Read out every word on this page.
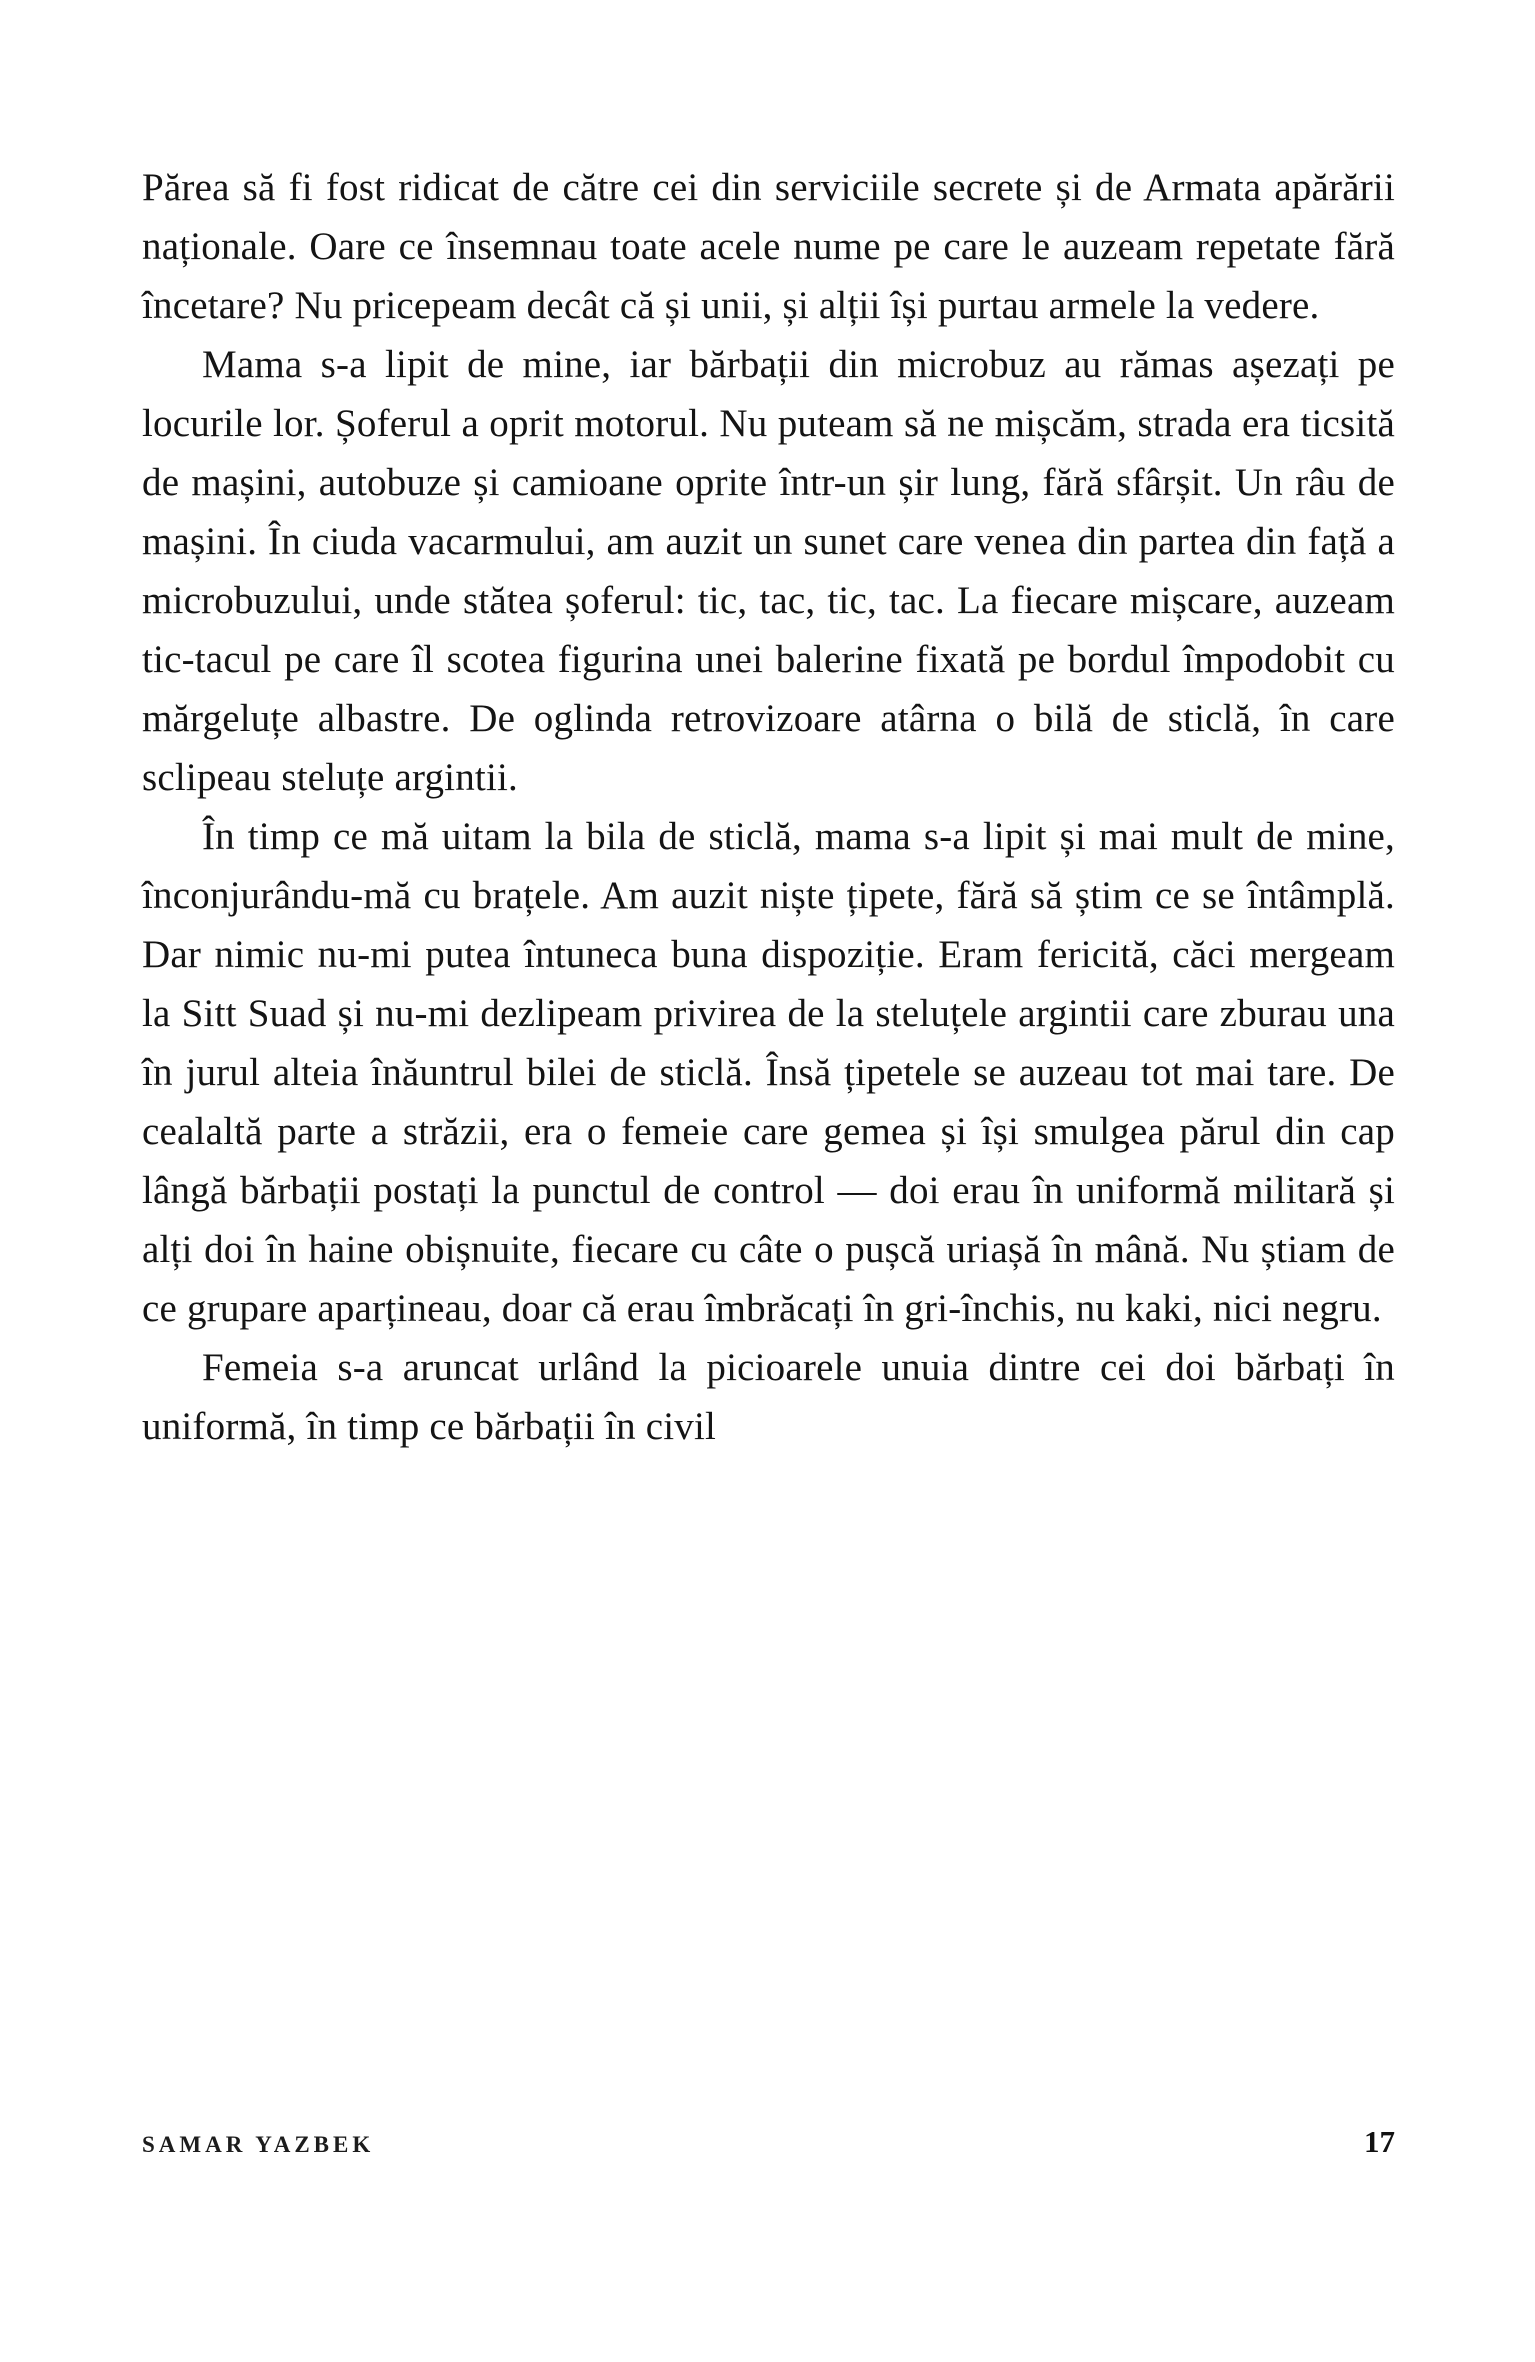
Părea să fi fost ridicat de către cei din serviciile secrete și de Armata apărării naționale. Oare ce însemnau toate acele nume pe care le auzeam repetate fără încetare? Nu pricepeam decât că și unii, și alții își purtau armele la vedere.

Mama s-a lipit de mine, iar bărbații din microbuz au rămas așezați pe locurile lor. Șoferul a oprit motorul. Nu puteam să ne mișcăm, strada era ticsită de mașini, autobuze și camioane oprite într-un șir lung, fără sfârșit. Un râu de mașini. În ciuda vacarmului, am auzit un sunet care venea din partea din față a microbuzului, unde stătea șoferul: tic, tac, tic, tac. La fiecare mișcare, auzeam tic-tacul pe care îl scotea figurina unei balerine fixată pe bordul împodobit cu mărgeluțe albastre. De oglinda retrovizoare atârna o bilă de sticlă, în care sclipeau steluțe argintii.

În timp ce mă uitam la bila de sticlă, mama s-a lipit și mai mult de mine, înconjurându-mă cu brațele. Am auzit niște țipete, fără să știm ce se întâmplă. Dar nimic nu-mi putea întuneca buna dispoziție. Eram fericită, căci mergeam la Sitt Suad și nu-mi dezlipeam privirea de la steluțele argintii care zburau una în jurul alteia înăuntrul bilei de sticlă. Însă țipetele se auzeau tot mai tare. De cealaltă parte a străzii, era o femeie care gemea și își smulgea părul din cap lângă bărbații postați la punctul de control — doi erau în uniformă militară și alți doi în haine obișnuite, fiecare cu câte o pușcă uriașă în mână. Nu știam de ce grupare aparțineau, doar că erau îmbrăcați în gri-închis, nu kaki, nici negru.

Femeia s-a aruncat urlând la picioarele unuia dintre cei doi bărbați în uniformă, în timp ce bărbații în civil

SAMAR YAZBEK	17
